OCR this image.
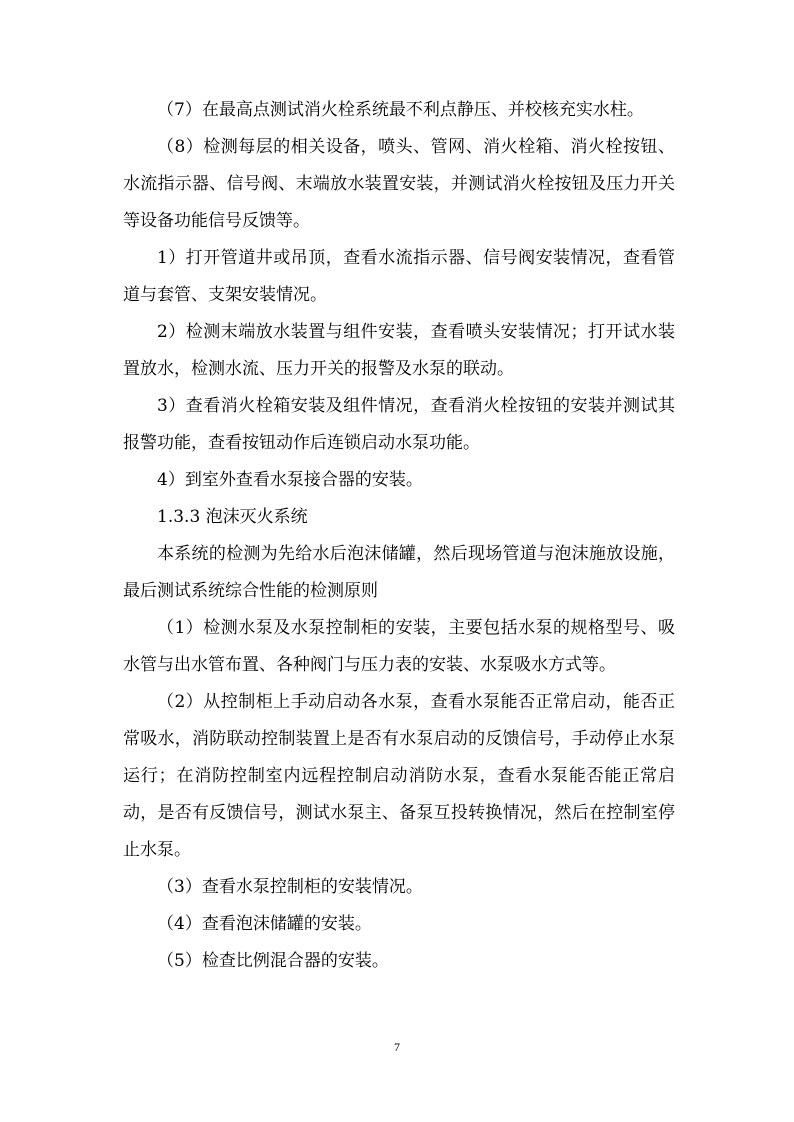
（7）在最高点测试消火栓系统最不利点静压、并校核充实水柱。

（8）检测每层的相关设备，喷头、管网、消火栓箱、消火栓按钮、水流指示器、信号阀、末端放水装置安装，并测试消火栓按钮及压力开关等设备功能信号反馈等。

1）打开管道井或吊顶，查看水流指示器、信号阀安装情况，查看管道与套管、支架安装情况。

2）检测末端放水装置与组件安装，查看喷头安装情况；打开试水装置放水，检测水流、压力开关的报警及水泵的联动。

3）查看消火栓箱安装及组件情况，查看消火栓按钮的安装并测试其报警功能，查看按钮动作后连锁启动水泵功能。

4）到室外查看水泵接合器的安装。

1.3.3 泡沫灭火系统

本系统的检测为先给水后泡沫储罐，然后现场管道与泡沫施放设施，最后测试系统综合性能的检测原则

（1）检测水泵及水泵控制柜的安装，主要包括水泵的规格型号、吸水管与出水管布置、各种阀门与压力表的安装、水泵吸水方式等。

（2）从控制柜上手动启动各水泵，查看水泵能否正常启动，能否正常吸水，消防联动控制装置上是否有水泵启动的反馈信号，手动停止水泵运行；在消防控制室内远程控制启动消防水泵，查看水泵能否能正常启动，是否有反馈信号，测试水泵主、备泵互投转换情况，然后在控制室停止水泵。

（3）查看水泵控制柜的安装情况。

（4）查看泡沫储罐的安装。

（5）检查比例混合器的安装。

7
